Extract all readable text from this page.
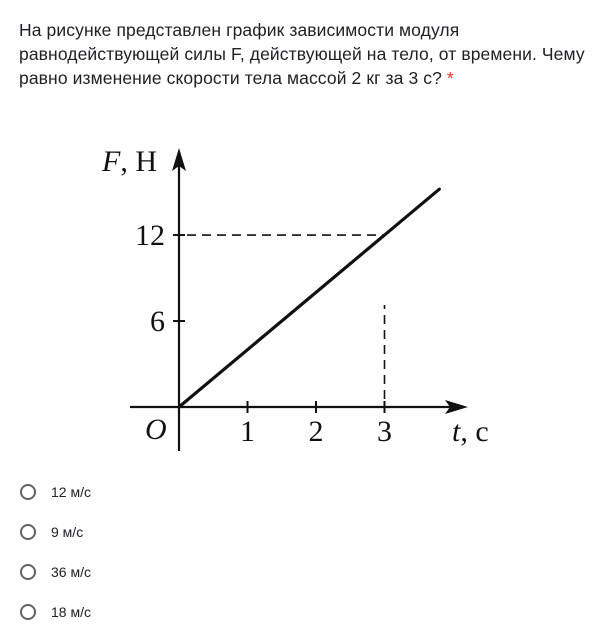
На рисунке представлен график зависимости модуля равнодействующей силы F, действующей на тело, от времени. Чему равно изменение скорости тела массой 2 кг за 3 с? *

F, H
t, c
O 1 2 3
6
12
12 м/с
9 м/с
36 м/с
18 м/с
